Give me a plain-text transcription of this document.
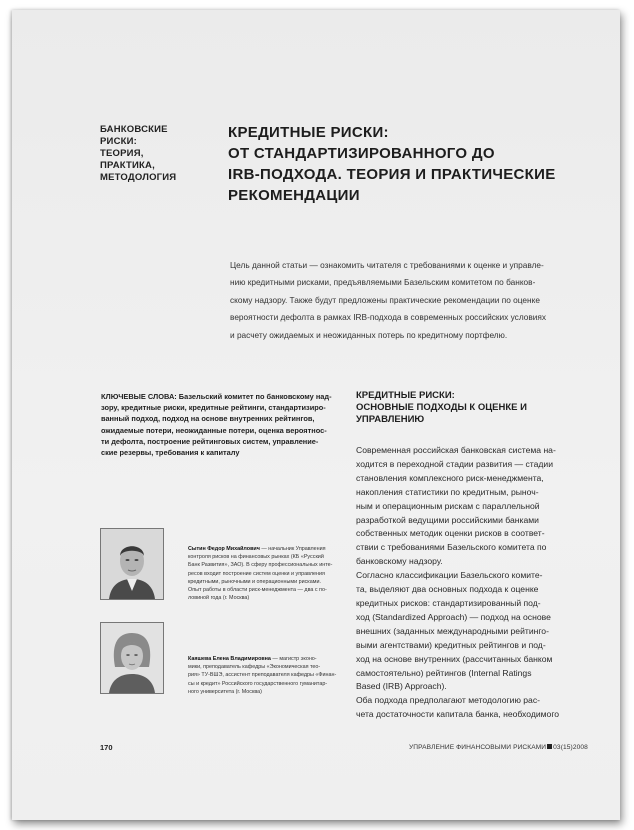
БАНКОВСКИЕ РИСКИ:
ТЕОРИЯ, ПРАКТИКА,
МЕТОДОЛОГИЯ
КРЕДИТНЫЕ РИСКИ:
ОТ СТАНДАРТИЗИРОВАННОГО ДО
IRB-ПОДХОДА. ТЕОРИЯ И ПРАКТИЧЕСКИЕ
РЕКОМЕНДАЦИИ
Цель данной статьи — ознакомить читателя с требованиями к оценке и управле-
нию кредитными рисками, предъявляемыми Базельским комитетом по банков-
скому надзору. Также будут предложены практические рекомендации по оценке
вероятности дефолта в рамках IRB-подхода в современных российских условиях
и расчету ожидаемых и неожиданных потерь по кредитному портфелю.
КЛЮЧЕВЫЕ СЛОВА: Базельский комитет по банковскому над-
зору, кредитные риски, кредитные рейтинги, стандартизиро-
ванный подход, подход на основе внутренних рейтингов,
ожидаемые потери, неожиданные потери, оценка вероятнос-
ти дефолта, построение рейтинговых систем, управление-
ские резервы, требования к капиталу
КРЕДИТНЫЕ РИСКИ:
ОСНОВНЫЕ ПОДХОДЫ К ОЦЕНКЕ И
УПРАВЛЕНИЮ
Современная российская банковская система на-
ходится в переходной стадии развития — стадии
становления комплексного риск-менеджмента,
накопления статистики по кредитным, рыноч-
ным и операционным рискам с параллельной
разработкой ведущими российскими банками
собственных методик оценки рисков в соответ-
ствии с требованиями Базельского комитета по
банковскому надзору.
Согласно классификации Базельского комите-
та, выделяют два основных подхода к оценке
кредитных рисков: стандартизированный под-
ход (Standardized Approach) — подход на основе
внешних (заданных международными рейтинго-
выми агентствами) кредитных рейтингов и под-
ход на основе внутренних (рассчитанных банком
самостоятельно) рейтингов (Internal Ratings
Based (IRB) Approach).
Оба подхода предполагают методологию рас-
чета достаточности капитала банка, необходимого
Сытин Федор Михайлович — начальник Управления
контроля рисков на финансовых рынках (КБ «Русский
Банк Развития», ЗАО). В сферу профессиональных инте-
ресов входит построение систем оценки и управления
кредитными, рыночными и операционными рисками.
Опыт работы в области риск-менеджмента — два с по-
ловиной года (г. Москва)
Каяшева Елена Владимировна — магистр эконо-
мики, преподаватель кафедры «Экономическая тео-
рия» ТУ-ВШЭ, ассистент преподавателя кафедры «Финан-
сы и кредит» Российского государственного гуманитар-
ного университета (г. Москва)
170	УПРАВЛЕНИЕ ФИНАНСОВЫМИ РИСКАМИ 03(15)2008
